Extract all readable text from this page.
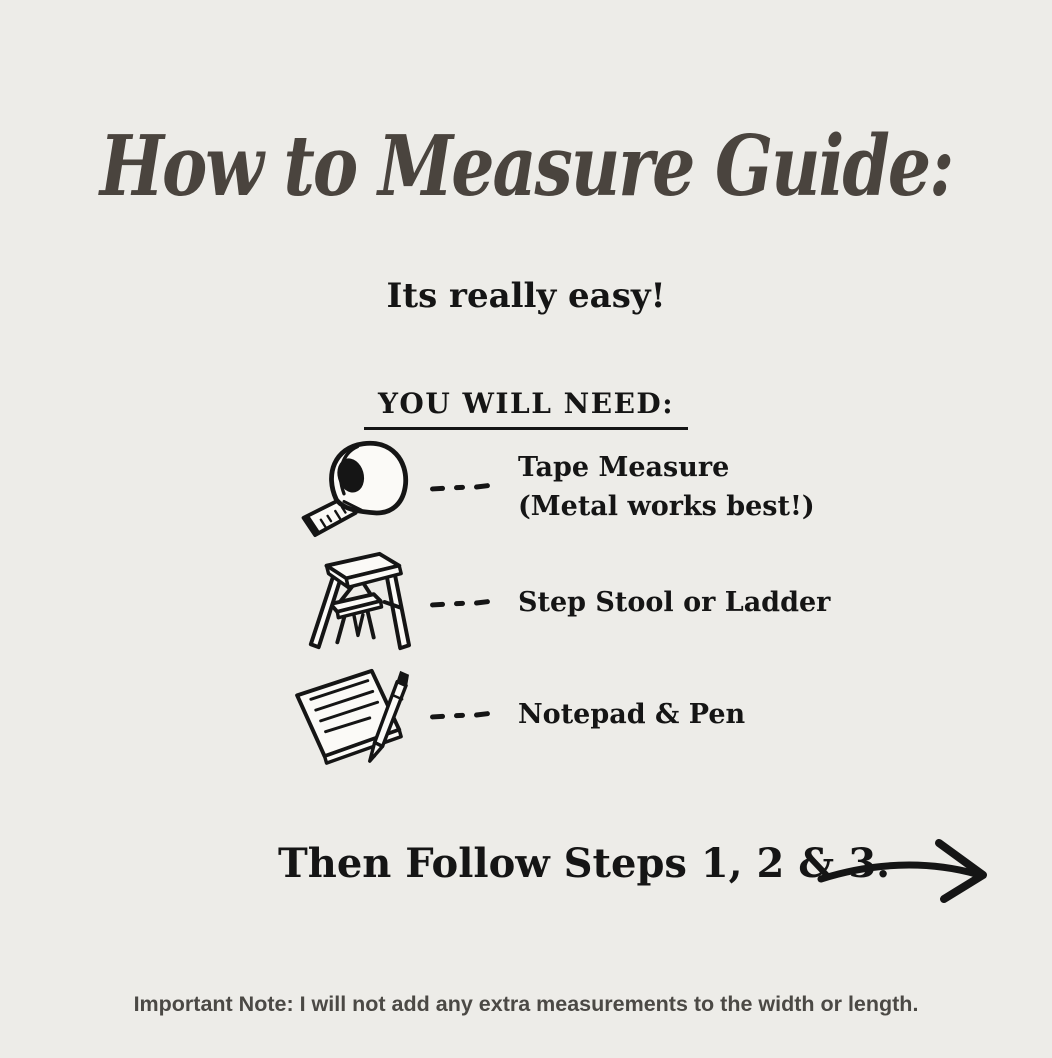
How to Measure Guide:
Its really easy!
YOU WILL NEED:
Tape Measure
(Metal works best!)
Step Stool or Ladder
Notepad & Pen
Then Follow Steps 1, 2 & 3.
Important Note: I will not add any extra measurements to the width or length.
